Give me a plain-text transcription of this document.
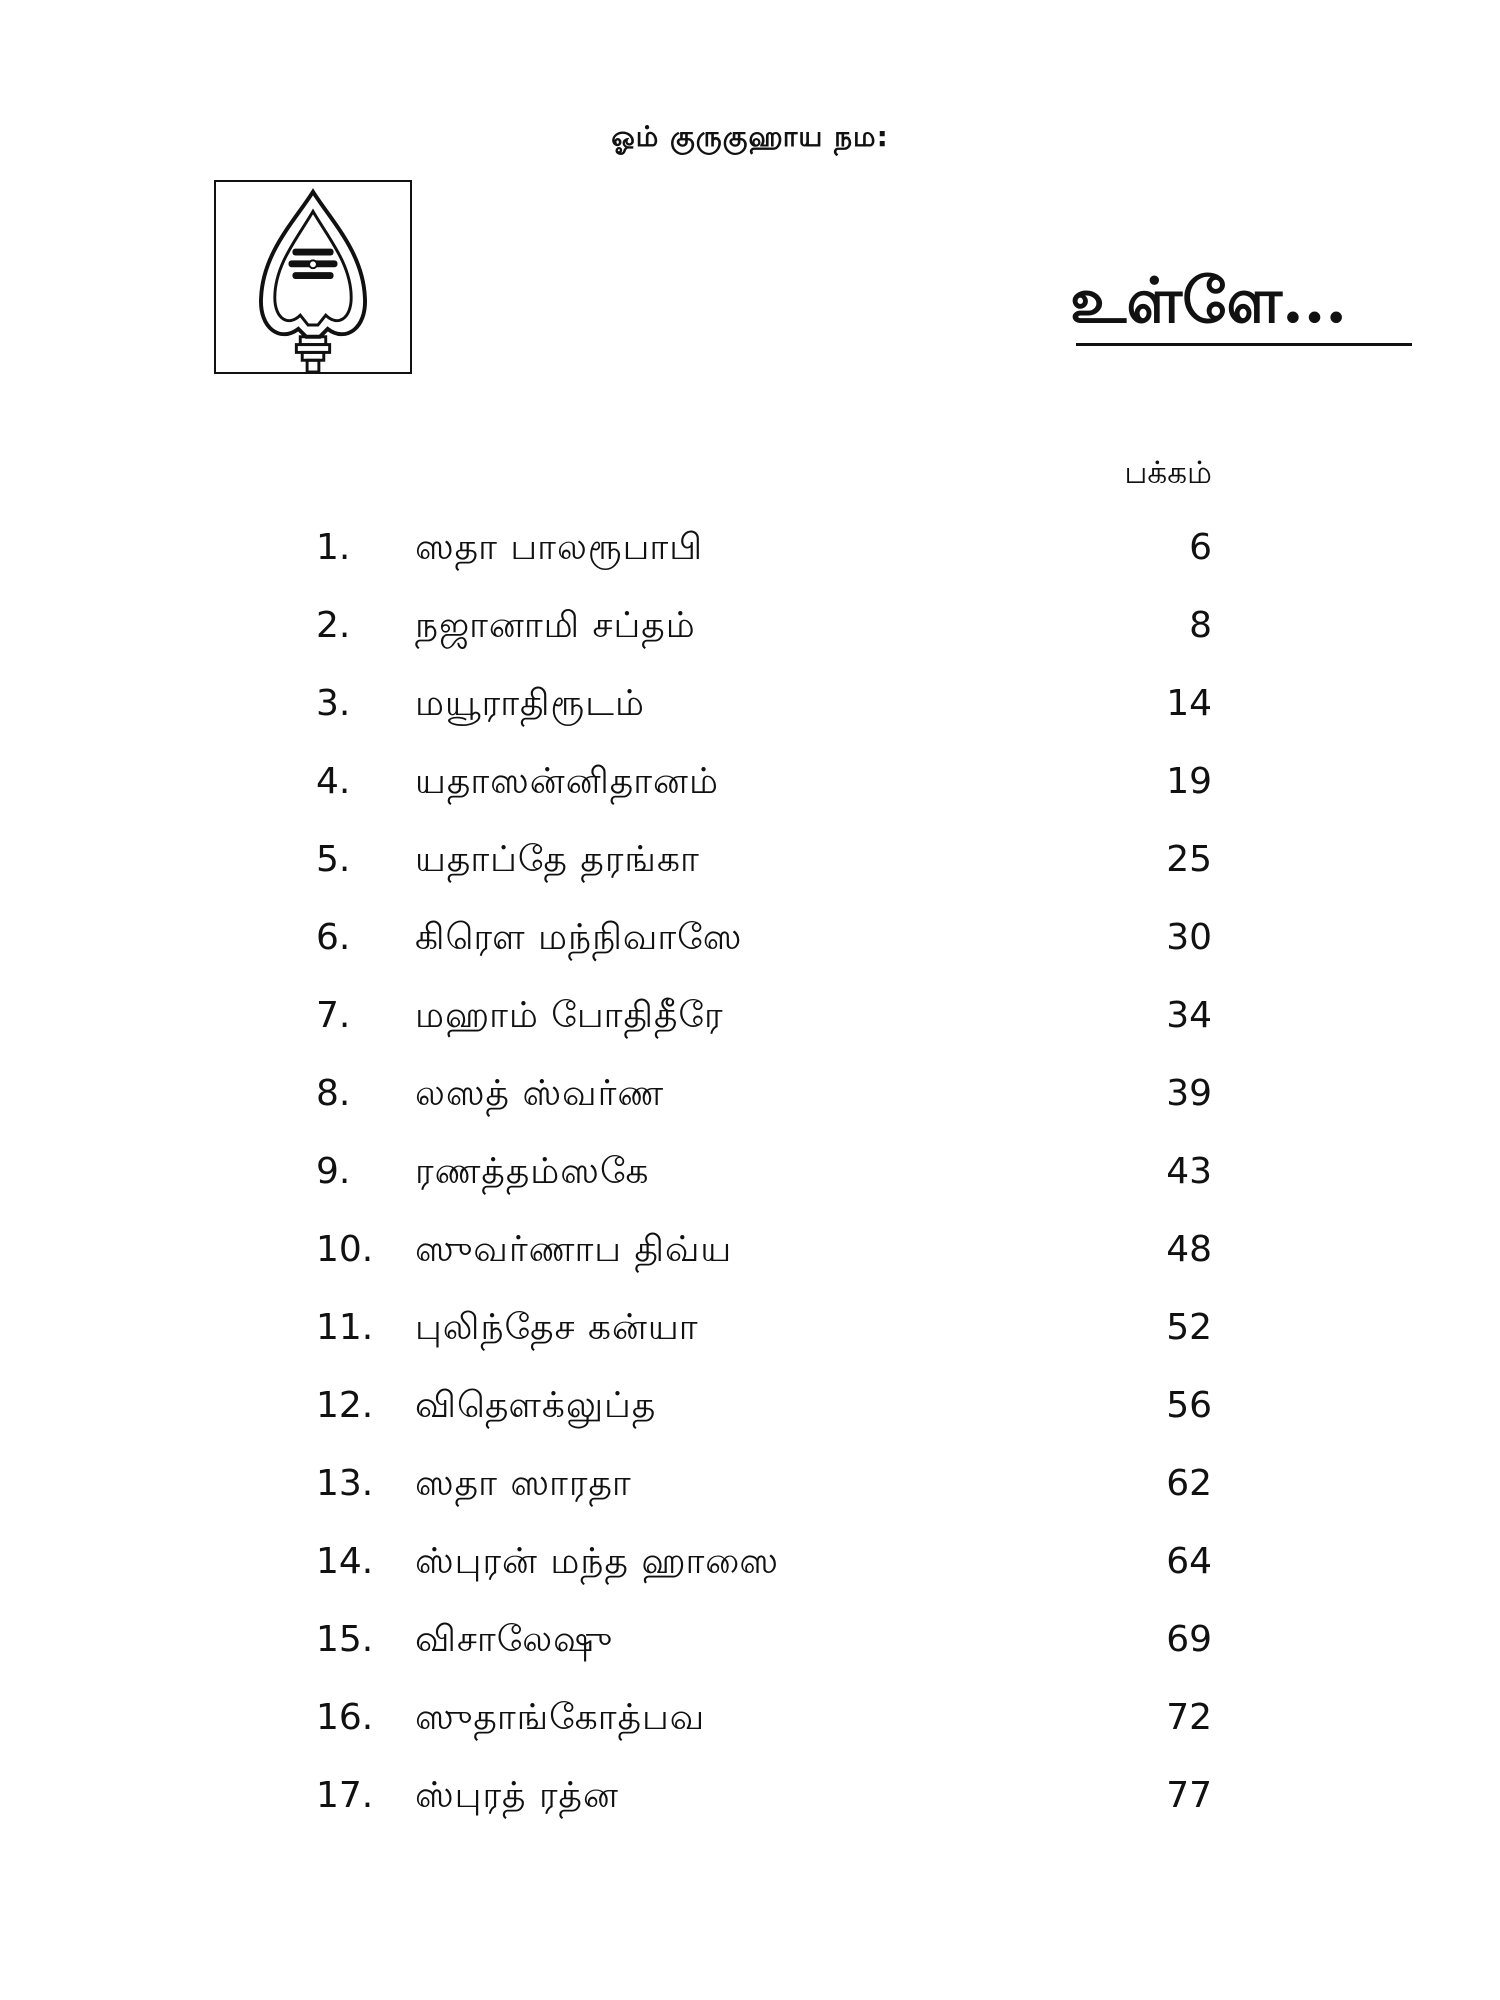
ஓம் குருகுஹாய நம:
உள்ளே...
பக்கம்
1.	ஸதா பாலரூபாபி	6
2.	நஜானாமி சப்தம்	8
3.	மயூராதிரூடம்	14
4.	யதாஸன்னிதானம்	19
5.	யதாப்தே தரங்கா	25
6.	கிரௌ மந்நிவாஸே	30
7.	மஹாம் போதிதீரே	34
8.	லஸத் ஸ்வர்ண	39
9.	ரணத்தம்ஸகே	43
10.	ஸுவர்ணாப திவ்ய	48
11.	புலிந்தேச கன்யா	52
12.	விதௌக்லுப்த	56
13.	ஸதா ஸாரதா	62
14.	ஸ்புரன் மந்த ஹாஸை	64
15.	விசாலேஷு	69
16.	ஸுதாங்கோத்பவ	72
17.	ஸ்புரத் ரத்ன	77
